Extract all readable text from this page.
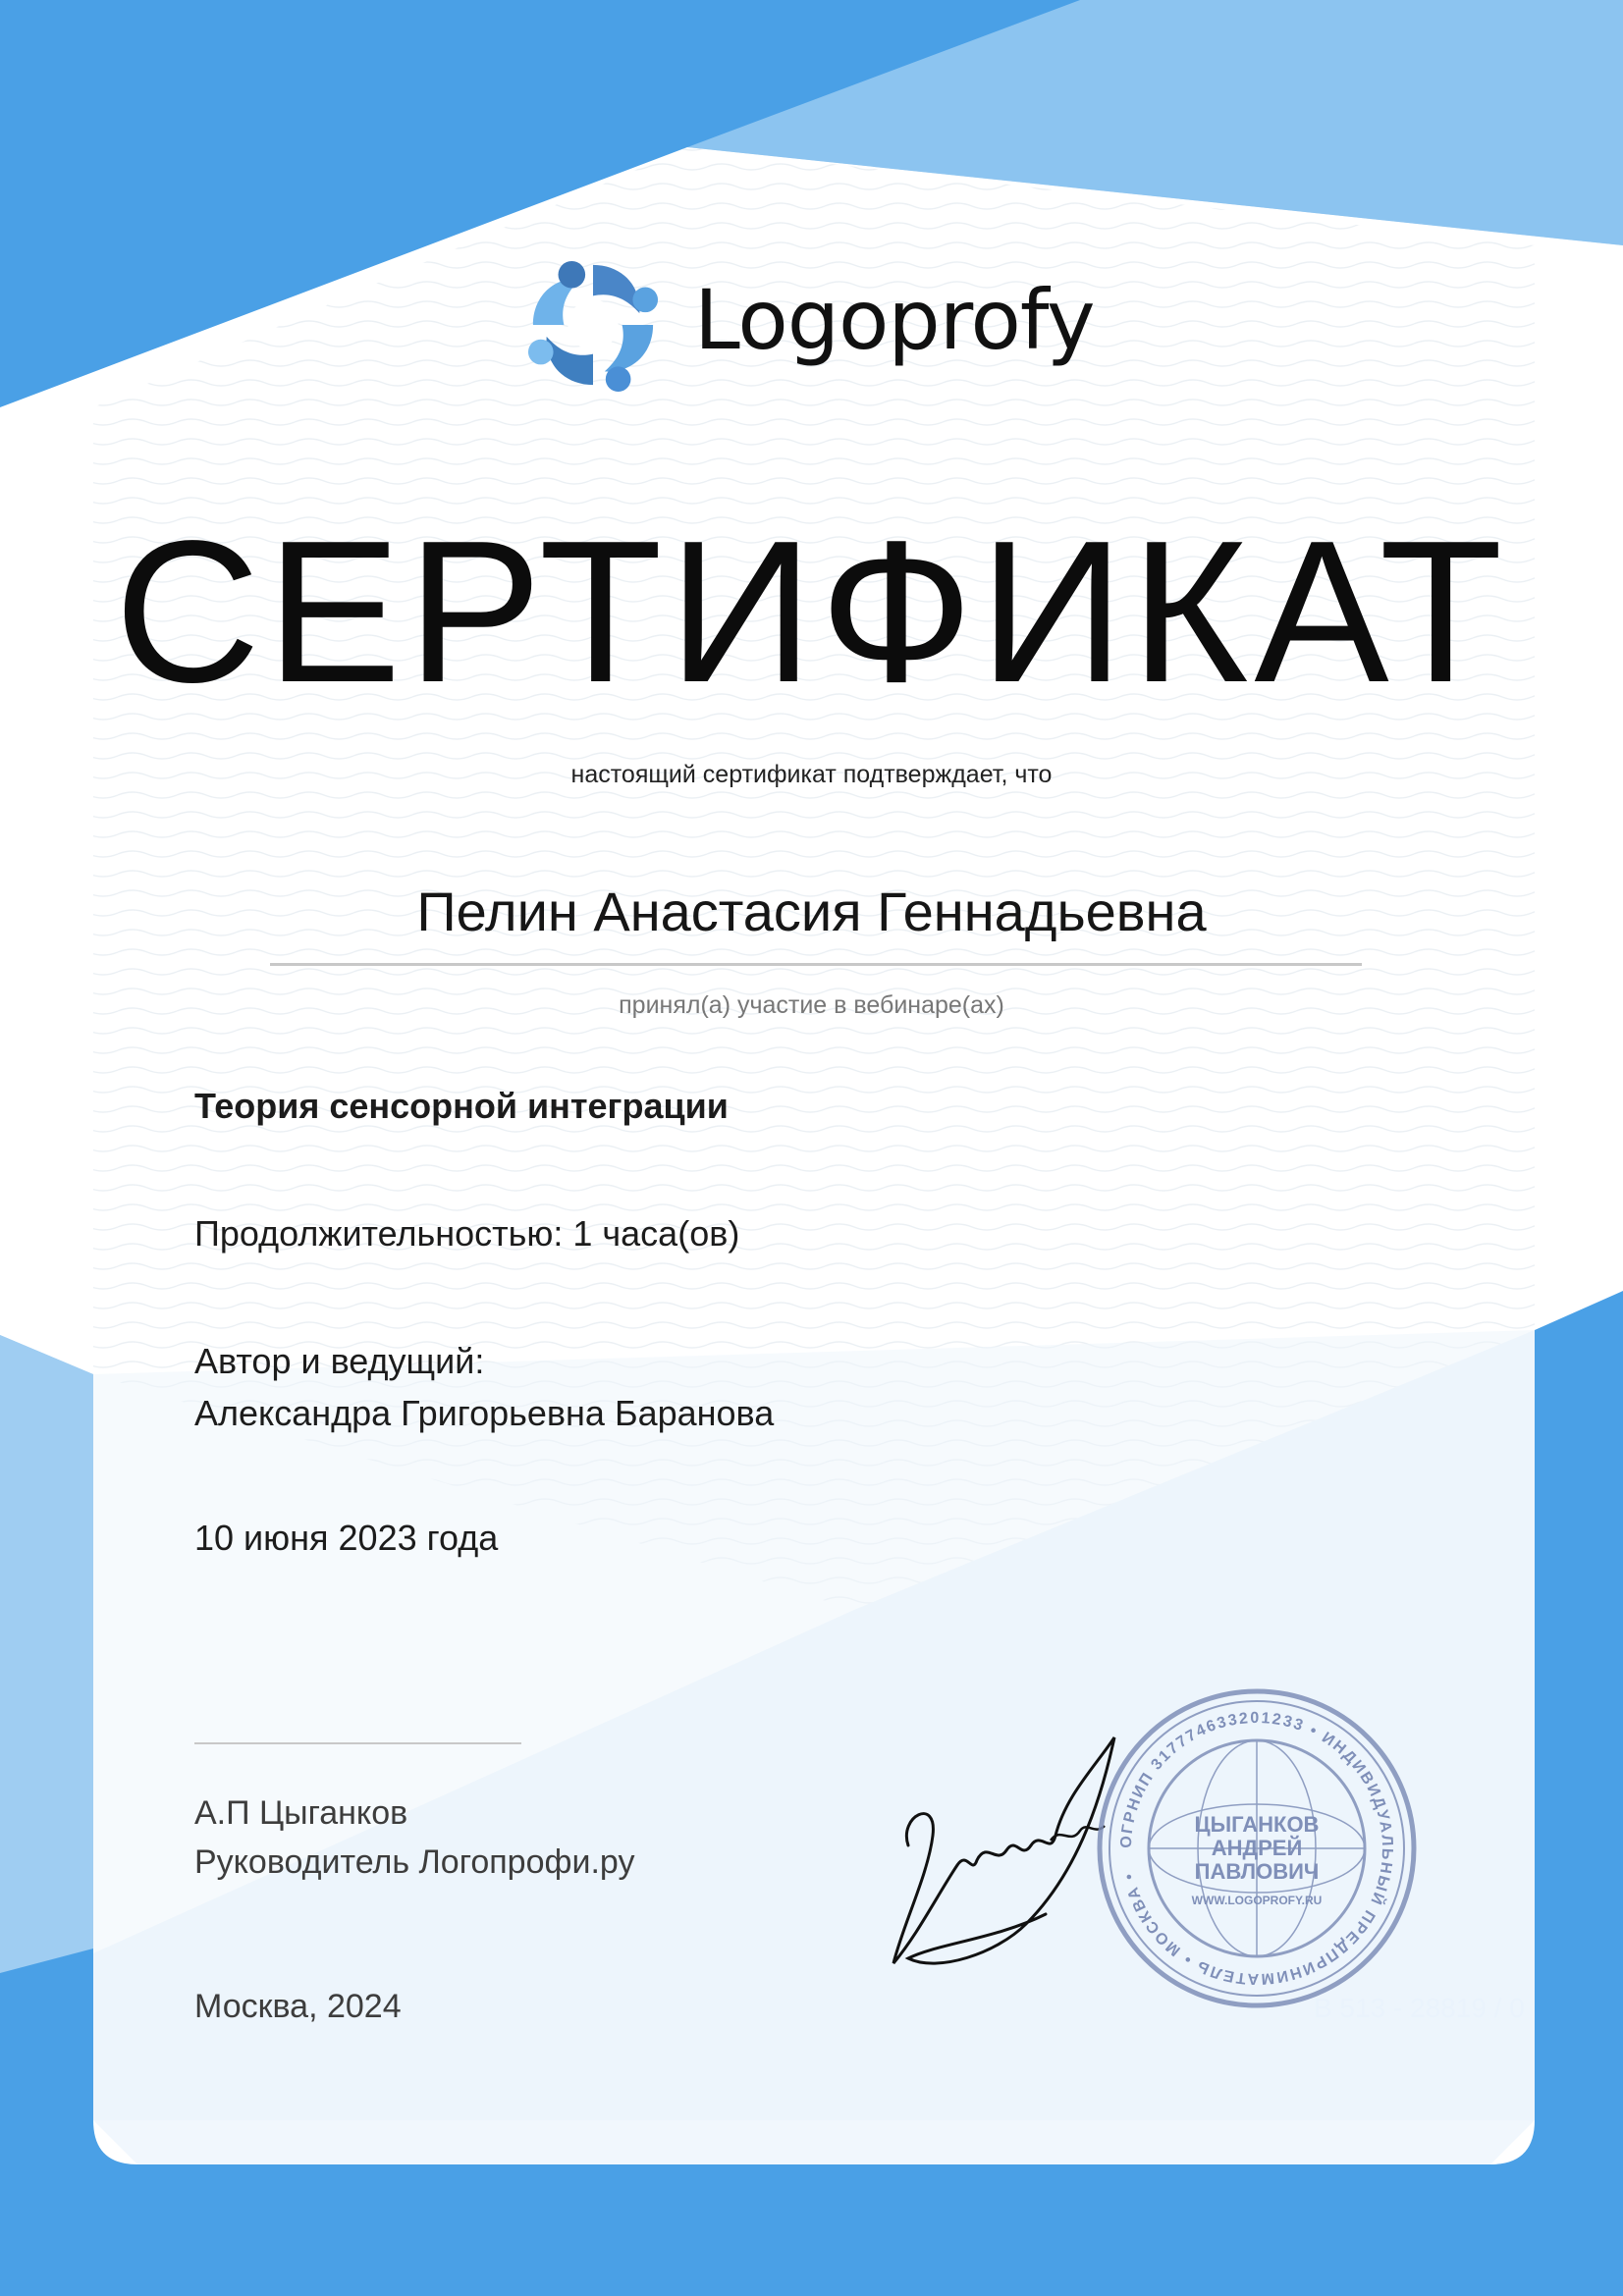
Logoprofy
СЕРТИФИКАТ
настоящий сертификат подтверждает, что
Пелин Анастасия Геннадьевна
принял(а) участие в вебинаре(ах)
Теория сенсорной интеграции
Продолжительностью: 1 часа(ов)
Автор и ведущий:
Александра Григорьевна Баранова
10 июня 2023 года
А.П Цыганков
Руководитель Логопрофи.ру
Москва, 2024
ОГРНИП 317774633201233 • ИНДИВИДУАЛЬНЫЙ ПРЕДПРИНИМАТЕЛЬ • МОСКВА •
ЦЫГАНКОВ
АНДРЕЙ
ПАВЛОВИЧ
WWW.LOGOPROFY.RU
B 513 - 28819 / 0
